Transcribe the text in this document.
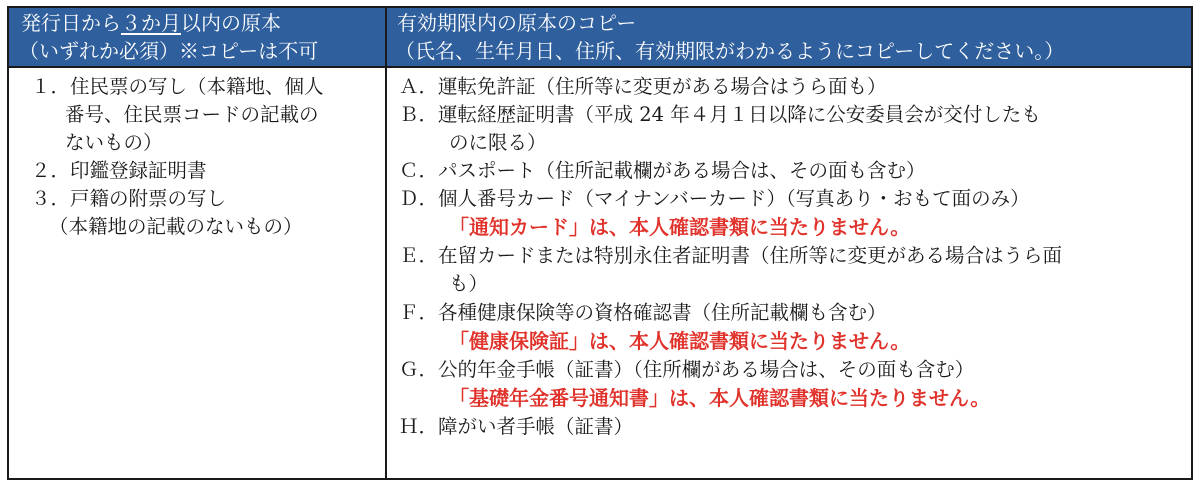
発行日から３か月以内の原本
（いずれか必須）※コピーは不可
有効期限内の原本のコピー
（氏名、生年月日、住所、有効期限がわかるようにコピーしてください。）
１．住民票の写し（本籍地、個人
番号、住民票コードの記載の
ないもの）
２．印鑑登録証明書
３．戸籍の附票の写し
（本籍地の記載のないもの）
Ａ．運転免許証（住所等に変更がある場合はうら面も）
Ｂ．運転経歴証明書（平成 24 年４月１日以降に公安委員会が交付したも
のに限る）
Ｃ．パスポート（住所記載欄がある場合は、その面も含む）
Ｄ．個人番号カード（マイナンバーカード）（写真あり・おもて面のみ）
「通知カード」は、本人確認書類に当たりません。
Ｅ．在留カードまたは特別永住者証明書（住所等に変更がある場合はうら面
も）
Ｆ．各種健康保険等の資格確認書（住所記載欄も含む）
「健康保険証」は、本人確認書類に当たりません。
Ｇ．公的年金手帳（証書）（住所欄がある場合は、その面も含む）
「基礎年金番号通知書」は、本人確認書類に当たりません。
Ｈ．障がい者手帳（証書）
